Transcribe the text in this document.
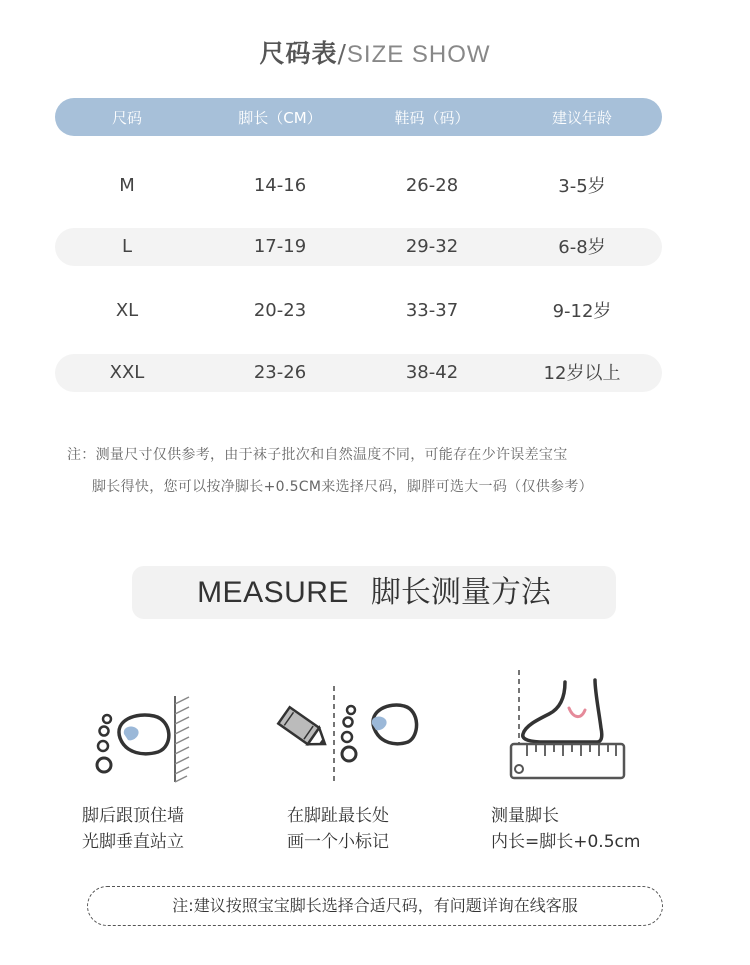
尺码表/SIZE SHOW
尺码	脚长（CM）	鞋码（码）	建议年龄
M	14-16	26-28	3-5岁
L	17-19	29-32	6-8岁
XL	20-23	33-37	9-12岁
XXL	23-26	38-42	12岁以上
注：测量尺寸仅供参考，由于袜子批次和自然温度不同，可能存在少许误差宝宝
脚长得快，您可以按净脚长+0.5CM来选择尺码，脚胖可选大一码（仅供参考）
MEASURE 脚长测量方法
脚后跟顶住墙
光脚垂直站立
在脚趾最长处
画一个小标记
测量脚长
内长=脚长+0.5cm
注:建议按照宝宝脚长选择合适尺码，有问题详询在线客服
